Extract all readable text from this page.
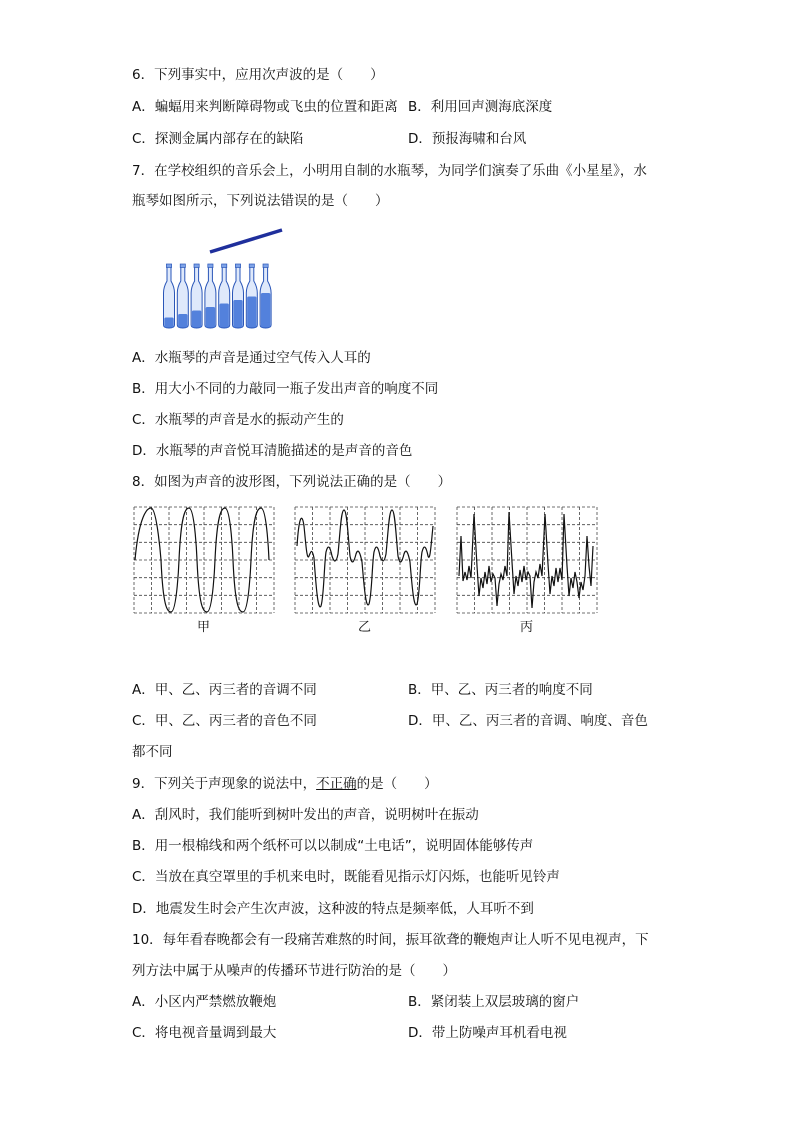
6．下列事实中，应用次声波的是（　　）
A．蝙蝠用来判断障碍物或飞虫的位置和距离 B．利用回声测海底深度
C．探测金属内部存在的缺陷	D．预报海啸和台风
7．在学校组织的音乐会上，小明用自制的水瓶琴，为同学们演奏了乐曲《小星星》，水
瓶琴如图所示，下列说法错误的是（　　）
A．水瓶琴的声音是通过空气传入人耳的
B．用大小不同的力敲同一瓶子发出声音的响度不同
C．水瓶琴的声音是水的振动产生的
D．水瓶琴的声音悦耳清脆描述的是声音的音色
8．如图为声音的波形图，下列说法正确的是（　　）
甲	乙	丙
A．甲、乙、丙三者的音调不同	B．甲、乙、丙三者的响度不同
C．甲、乙、丙三者的音色不同	D．甲、乙、丙三者的音调、响度、音色
都不同
9．下列关于声现象的说法中，不正确的是（　　）
A．刮风时，我们能听到树叶发出的声音，说明树叶在振动
B．用一根棉线和两个纸杯可以以制成“土电话”，说明固体能够传声
C．当放在真空罩里的手机来电时，既能看见指示灯闪烁，也能听见铃声
D．地震发生时会产生次声波，这种波的特点是频率低，人耳听不到
10．每年看春晚都会有一段痛苦难熬的时间，振耳欲聋的鞭炮声让人听不见电视声，下
列方法中属于从噪声的传播环节进行防治的是（　　）
A．小区内严禁燃放鞭炮	B．紧闭装上双层玻璃的窗户
C．将电视音量调到最大	D．带上防噪声耳机看电视
